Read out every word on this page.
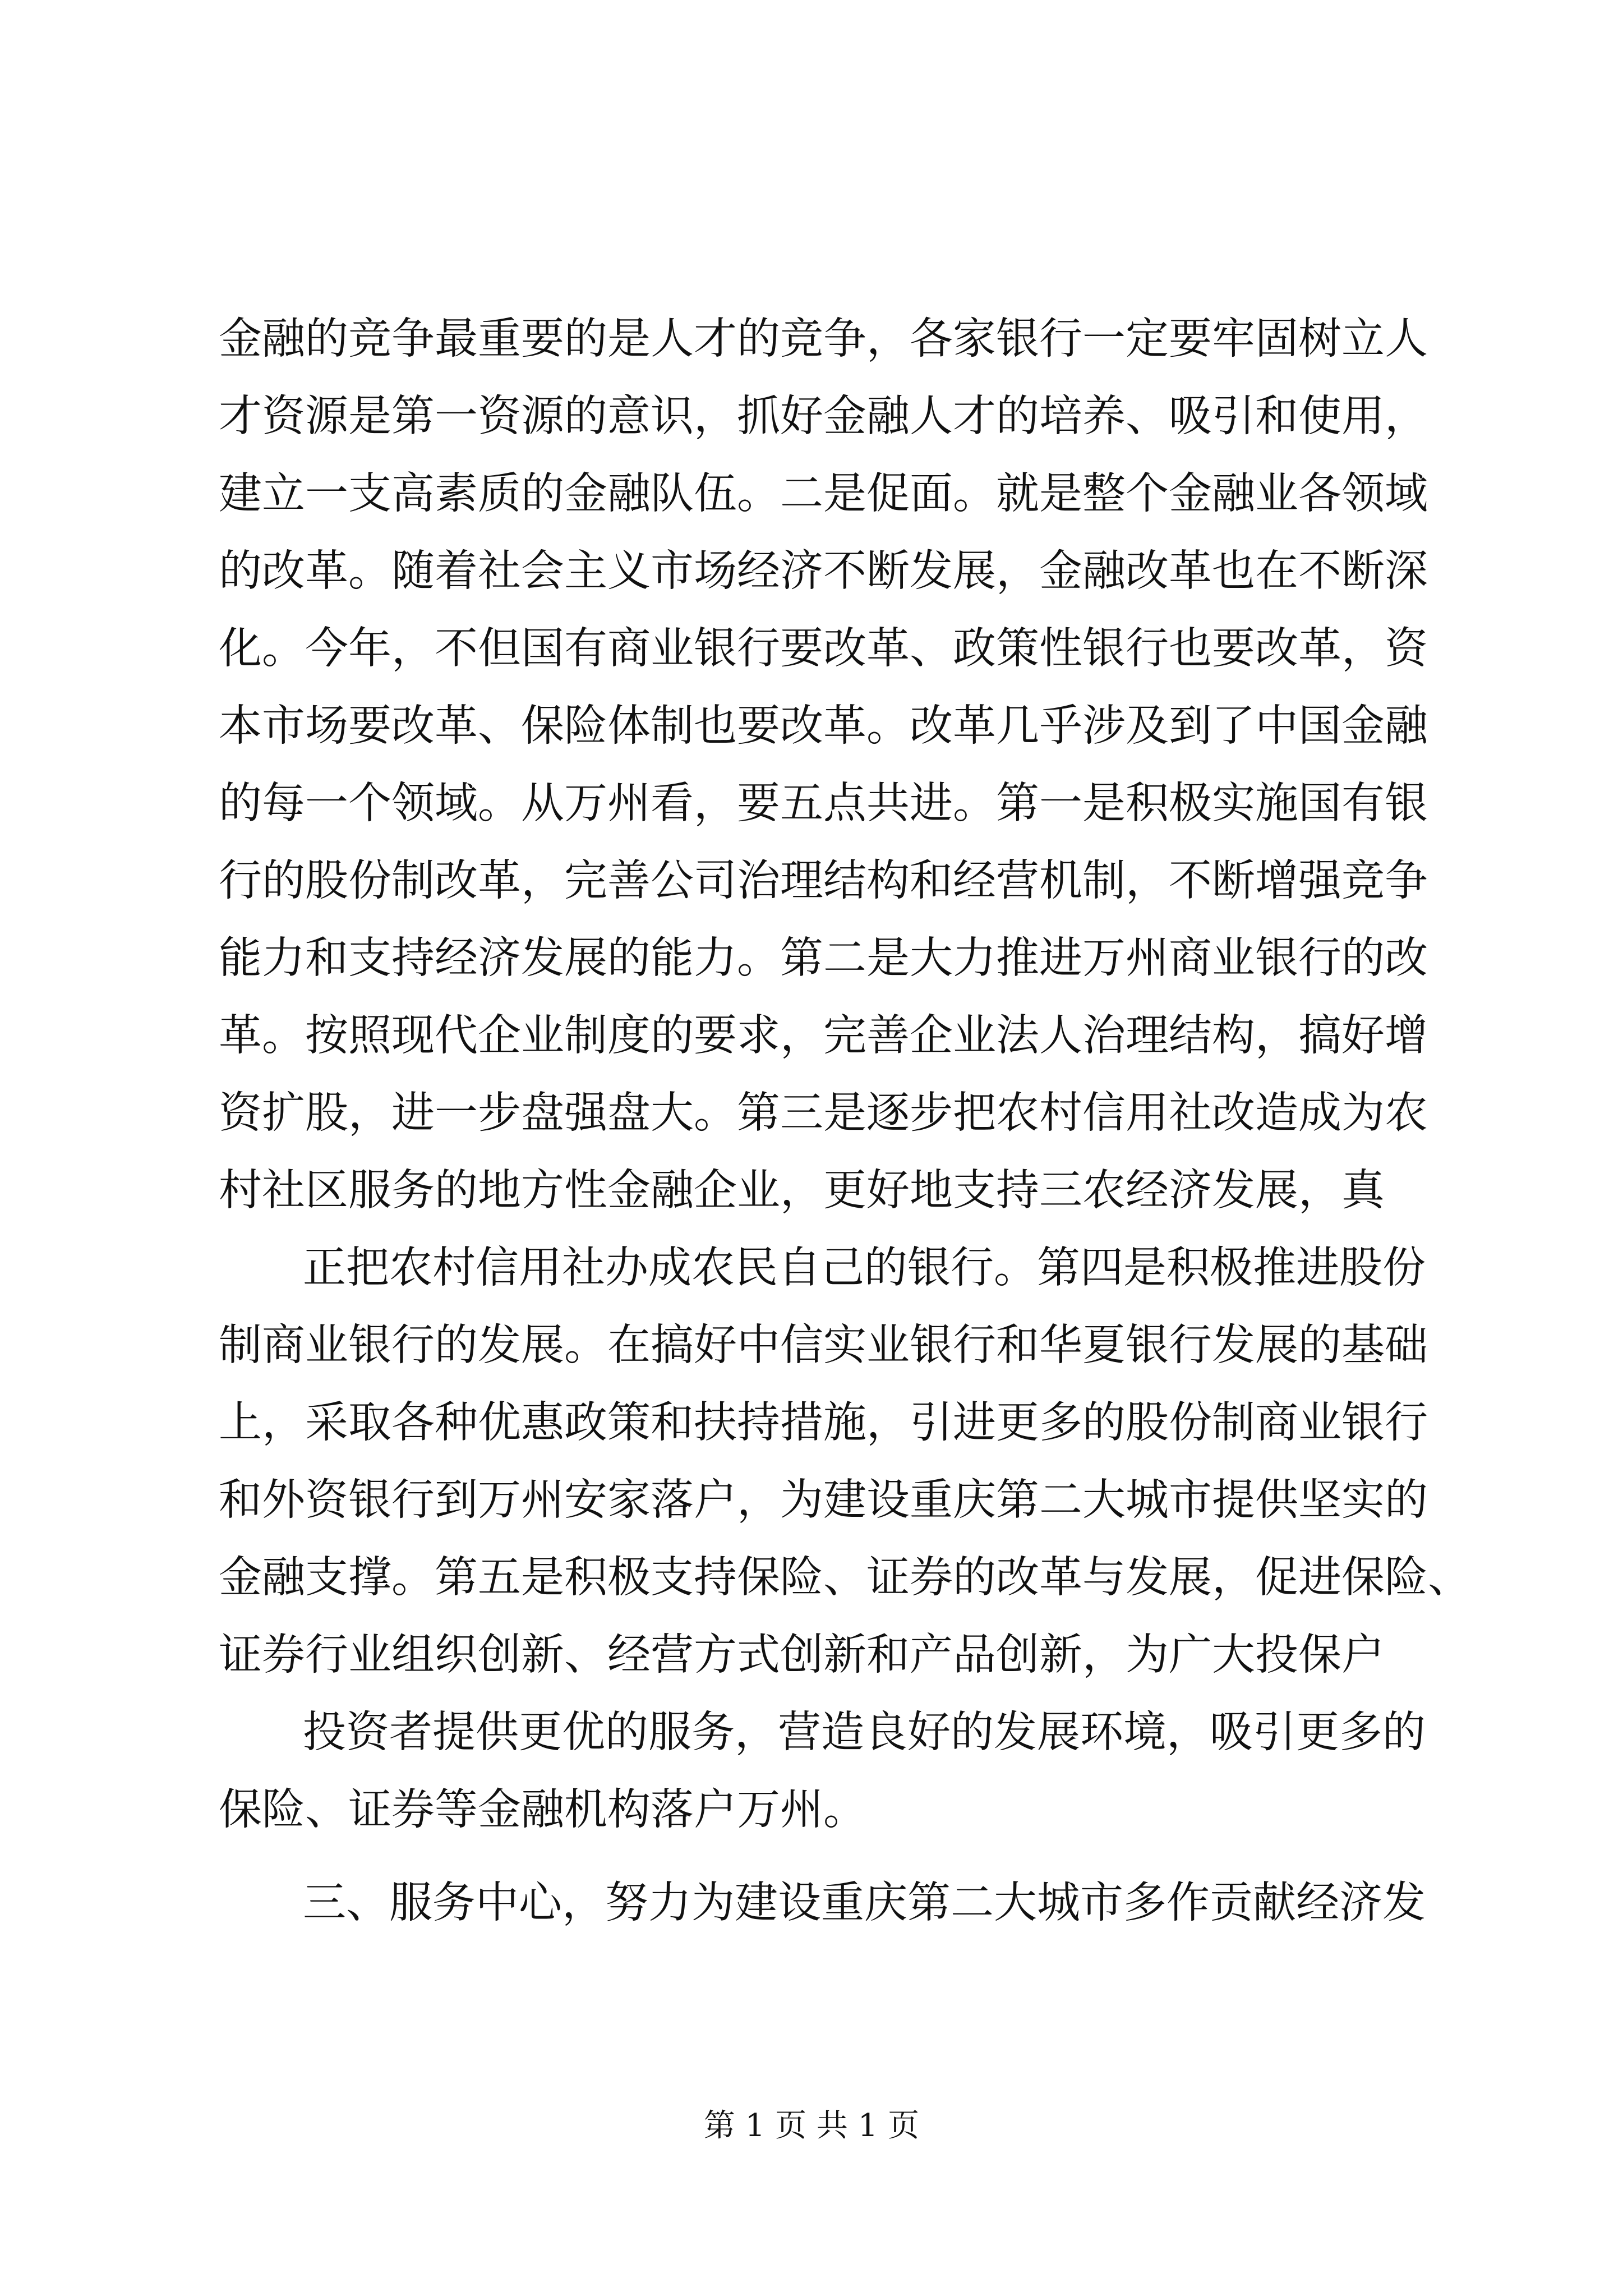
金融的竞争最重要的是人才的竞争，各家银行一定要牢固树立人
才资源是第一资源的意识，抓好金融人才的培养、吸引和使用，
建立一支高素质的金融队伍。二是促面。就是整个金融业各领域
的改革。随着社会主义市场经济不断发展，金融改革也在不断深
化。今年，不但国有商业银行要改革、政策性银行也要改革，资
本市场要改革、保险体制也要改革。改革几乎涉及到了中国金融
的每一个领域。从万州看，要五点共进。第一是积极实施国有银
行的股份制改革，完善公司治理结构和经营机制，不断增强竞争
能力和支持经济发展的能力。第二是大力推进万州商业银行的改
革。按照现代企业制度的要求，完善企业法人治理结构，搞好增
资扩股，进一步盘强盘大。第三是逐步把农村信用社改造成为农
村社区服务的地方性金融企业，更好地支持三农经济发展，真
正把农村信用社办成农民自己的银行。第四是积极推进股份
制商业银行的发展。在搞好中信实业银行和华夏银行发展的基础
上，采取各种优惠政策和扶持措施，引进更多的股份制商业银行
和外资银行到万州安家落户，为建设重庆第二大城市提供坚实的
金融支撑。第五是积极支持保险、证券的改革与发展，促进保险、
证券行业组织创新、经营方式创新和产品创新，为广大投保户
投资者提供更优的服务，营造良好的发展环境，吸引更多的
保险、证券等金融机构落户万州。
三、服务中心，努力为建设重庆第二大城市多作贡献经济发
第 1 页 共 1 页
